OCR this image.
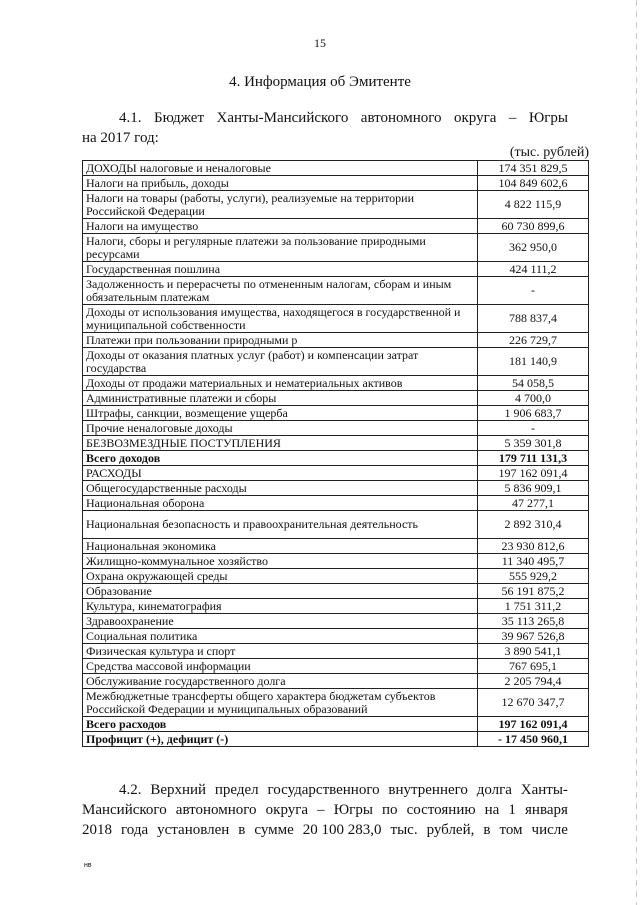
15
4. Информация об Эмитенте
4.1. Бюджет Ханты-Мансийского автономного округа – Югры
на 2017 год:
(тыс. рублей)
ДОХОДЫ налоговые и неналоговые	174 351 829,5
Налоги на прибыль, доходы	104 849 602,6
Налоги на товары (работы, услуги), реализуемые на территории Российской Федерации	4 822 115,9
Налоги на имущество	60 730 899,6
Налоги, сборы и регулярные платежи за пользование природными ресурсами	362 950,0
Государственная пошлина	424 111,2
Задолженность и перерасчеты по отмененным налогам, сборам и иным обязательным платежам	-
Доходы от использования имущества, находящегося в государственной и муниципальной собственности	788 837,4
Платежи при пользовании природными р	226 729,7
Доходы от оказания платных услуг (работ) и компенсации затрат государства	181 140,9
Доходы от продажи материальных и нематериальных активов	54 058,5
Административные платежи и сборы	4 700,0
Штрафы, санкции, возмещение ущерба	1 906 683,7
Прочие неналоговые доходы	-
БЕЗВОЗМЕЗДНЫЕ ПОСТУПЛЕНИЯ	5 359 301,8
Всего доходов	179 711 131,3
РАСХОДЫ	197 162 091,4
Общегосударственные расходы	5 836 909,1
Национальная оборона	47 277,1
Национальная безопасность и правоохранительная деятельность	2 892 310,4
Национальная экономика	23 930 812,6
Жилищно-коммунальное хозяйство	11 340 495,7
Охрана окружающей среды	555 929,2
Образование	56 191 875,2
Культура, кинематография	1 751 311,2
Здравоохранение	35 113 265,8
Социальная политика	39 967 526,8
Физическая культура и спорт	3 890 541,1
Средства массовой информации	767 695,1
Обслуживание государственного долга	2 205 794,4
Межбюджетные трансферты общего характера бюджетам субъектов Российской Федерации и муниципальных образований	12 670 347,7
Всего расходов	197 162 091,4
Профицит (+), дефицит (-)	- 17 450 960,1
4.2. Верхний предел государственного внутреннего долга Ханты-
Мансийского автономного округа – Югры по состоянию на 1 января
2018 года установлен в сумме 20 100 283,0 тыс. рублей, в том числе
нв
